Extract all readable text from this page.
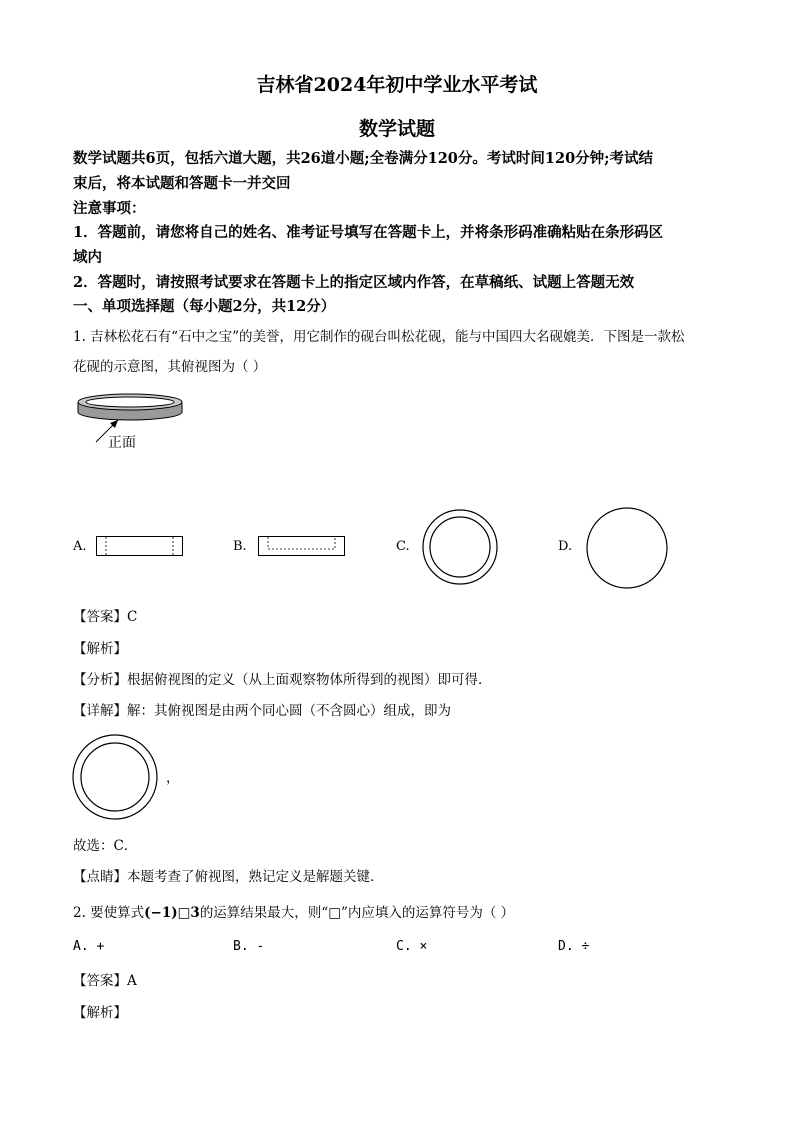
吉林省2024年初中学业水平考试
数学试题
数学试题共6页，包括六道大题，共26道小题;全卷满分120分。考试时间120分钟;考试结
束后，将本试题和答题卡一并交回
注意事项：
1．答题前，请您将自己的姓名、准考证号填写在答题卡上，并将条形码准确粘贴在条形码区
域内
2．答题时，请按照考试要求在答题卡上的指定区域内作答，在草稿纸、试题上答题无效
一、单项选择题（每小题2分，共12分）
1. 吉林松花石有“石中之宝”的美誉，用它制作的砚台叫松花砚，能与中国四大名砚媲美．下图是一款松
花砚的示意图，其俯视图为（ ）
正面
A.	B.	C.	D.
【答案】C
【解析】
【分析】根据俯视图的定义（从上面观察物体所得到的视图）即可得．
【详解】解：其俯视图是由两个同心圆（不含圆心）组成，即为
，
故选：C．
【点睛】本题考查了俯视图，熟记定义是解题关键．
2. 要使算式(−1)□3的运算结果最大，则“□”内应填入的运算符号为（ ）
A. +	B. -	C. ×	D. ÷
【答案】A
【解析】
